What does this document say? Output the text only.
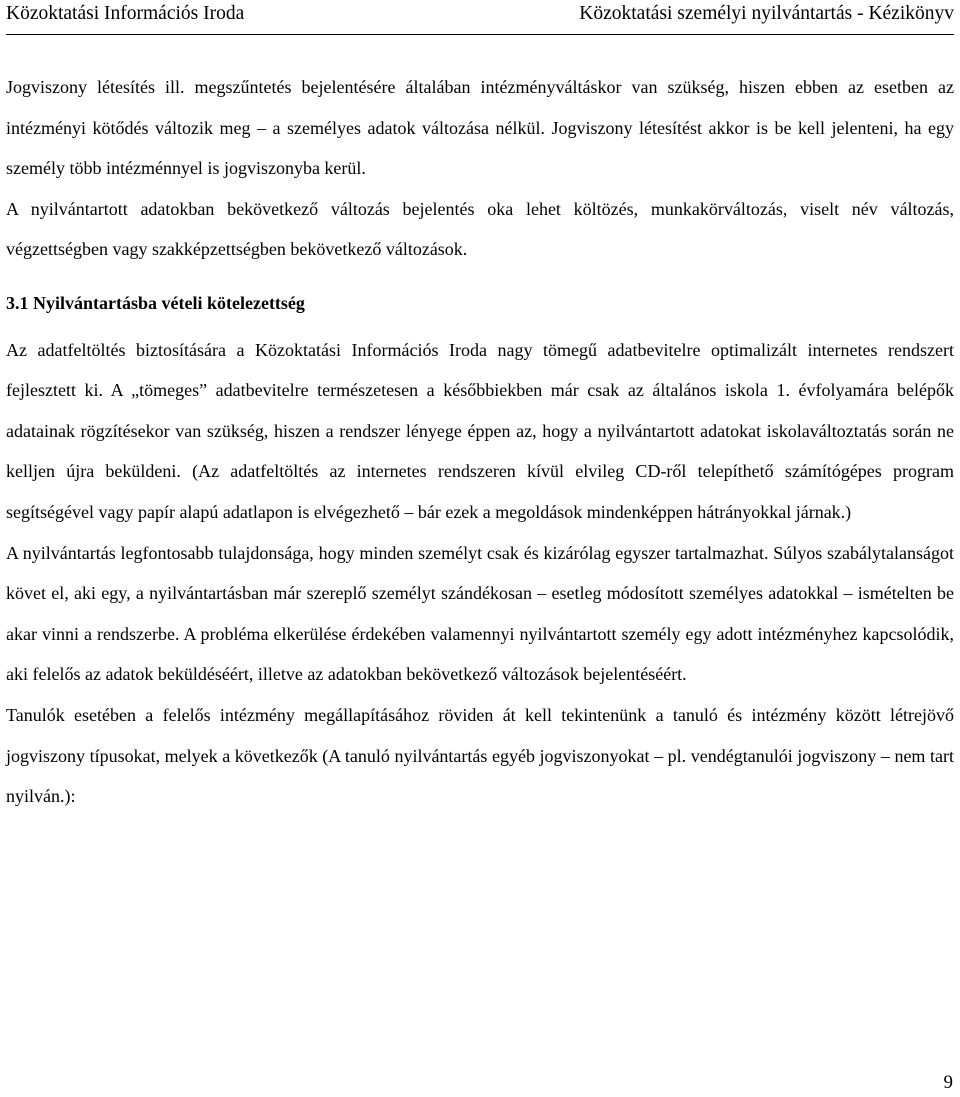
Közoktatási Információs Iroda	Közoktatási személyi nyilvántartás - Kézikönyv

Jogviszony létesítés ill. megszűntetés bejelentésére általában intézményváltáskor van szükség, hiszen ebben az esetben az intézményi kötődés változik meg – a személyes adatok változása nélkül. Jogviszony létesítést akkor is be kell jelenteni, ha egy személy több intézménnyel is jogviszonyba kerül.

A nyilvántartott adatokban bekövetkező változás bejelentés oka lehet költözés, munkakörváltozás, viselt név változás, végzettségben vagy szakképzettségben bekövetkező változások.

3.1 Nyilvántartásba vételi kötelezettség

Az adatfeltöltés biztosítására a Közoktatási Információs Iroda nagy tömegű adatbevitelre optimalizált internetes rendszert fejlesztett ki. A „tömeges” adatbevitelre természetesen a későbbiekben már csak az általános iskola 1. évfolyamára belépők adatainak rögzítésekor van szükség, hiszen a rendszer lényege éppen az, hogy a nyilvántartott adatokat iskolaváltoztatás során ne kelljen újra beküldeni. (Az adatfeltöltés az internetes rendszeren kívül elvileg CD-ről telepíthető számítógépes program segítségével vagy papír alapú adatlapon is elvégezhető – bár ezek a megoldások mindenképpen hátrányokkal járnak.)

A nyilvántartás legfontosabb tulajdonsága, hogy minden személyt csak és kizárólag egyszer tartalmazhat. Súlyos szabálytalanságot követ el, aki egy, a nyilvántartásban már szereplő személyt szándékosan – esetleg módosított személyes adatokkal – ismételten be akar vinni a rendszerbe. A probléma elkerülése érdekében valamennyi nyilvántartott személy egy adott intézményhez kapcsolódik, aki felelős az adatok beküldéséért, illetve az adatokban bekövetkező változások bejelentéséért.

Tanulók esetében a felelős intézmény megállapításához röviden át kell tekintenünk a tanuló és intézmény között létrejövő jogviszony típusokat, melyek a következők (A tanuló nyilvántartás egyéb jogviszonyokat – pl. vendégtanulói jogviszony – nem tart nyilván.):

9
